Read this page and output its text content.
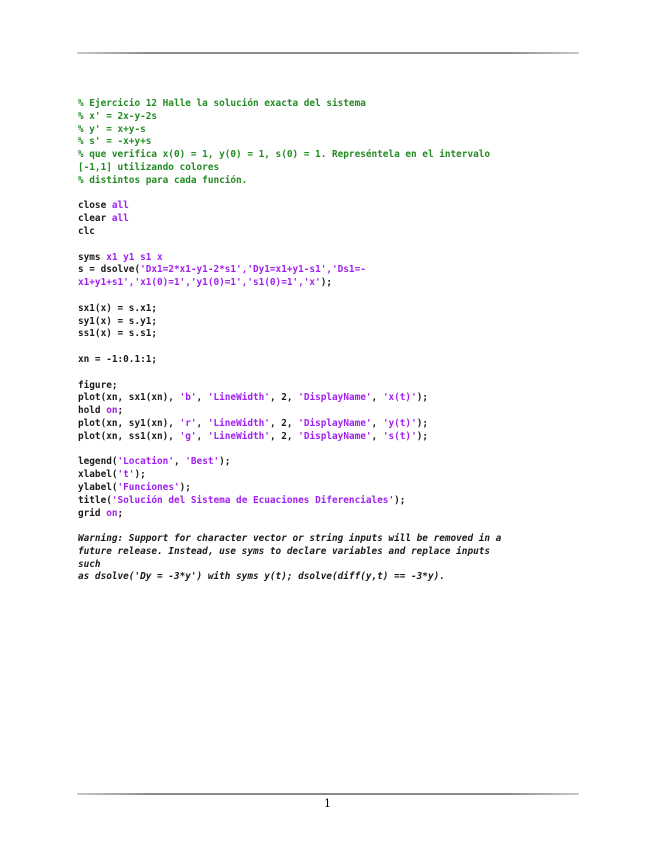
% Ejercicio 12 Halle la solución exacta del sistema
% x' = 2x-y-2s
% y' = x+y-s
% s' = -x+y+s
% que verifica x(0) = 1, y(0) = 1, s(0) = 1. Represéntela en el intervalo
[-1,1] utilizando colores
% distintos para cada función.
close all
clear all
clc
syms x1 y1 s1 x
s = dsolve('Dx1=2*x1-y1-2*s1','Dy1=x1+y1-s1','Ds1=-
x1+y1+s1','x1(0)=1','y1(0)=1','s1(0)=1','x');
sx1(x) = s.x1;
sy1(x) = s.y1;
ss1(x) = s.s1;
xn = -1:0.1:1;
figure;
plot(xn, sx1(xn), 'b', 'LineWidth', 2, 'DisplayName', 'x(t)');
hold on;
plot(xn, sy1(xn), 'r', 'LineWidth', 2, 'DisplayName', 'y(t)');
plot(xn, ss1(xn), 'g', 'LineWidth', 2, 'DisplayName', 's(t)');
legend('Location', 'Best');
xlabel('t');
ylabel('Funciones');
title('Solución del Sistema de Ecuaciones Diferenciales');
grid on;
Warning: Support for character vector or string inputs will be removed in a
future release. Instead, use syms to declare variables and replace inputs
such
as dsolve('Dy = -3*y') with syms y(t); dsolve(diff(y,t) == -3*y).
1
